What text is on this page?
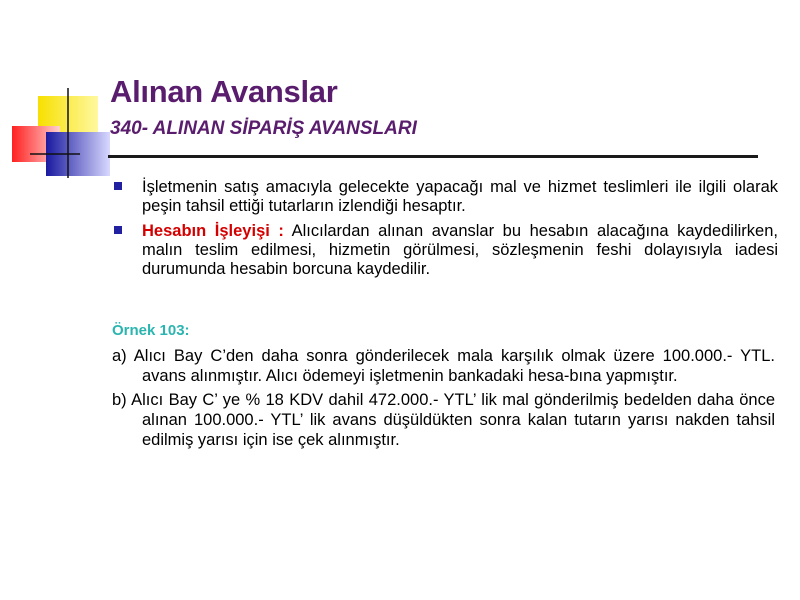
Alınan Avanslar
340- ALINAN SİPARİŞ AVANSLARI
İşletmenin satış amacıyla gelecekte yapacağı mal ve hizmet teslimleri ile ilgili olarak peşin tahsil ettiği tutarların izlendiği hesaptır.
Hesabın İşleyişi : Alıcılardan alınan avanslar bu hesabın alacağına kaydedilirken, malın teslim edilmesi, hizmetin görülmesi, sözleşmenin feshi dolayısıyla iadesi durumunda hesabin borcuna kaydedilir.
Örnek 103:
a) Alıcı Bay C’den daha sonra gönderilecek mala karşılık olmak üzere 100.000.- YTL. avans alınmıştır. Alıcı ödemeyi işletmenin bankadaki hesa-bına yapmıştır.
b) Alıcı Bay C’ ye % 18 KDV dahil 472.000.- YTL’ lik mal gönderilmiş bedelden daha önce alınan 100.000.- YTL’ lik avans düşüldükten sonra kalan tutarın yarısı nakden tahsil edilmiş yarısı için ise çek alınmıştır.
